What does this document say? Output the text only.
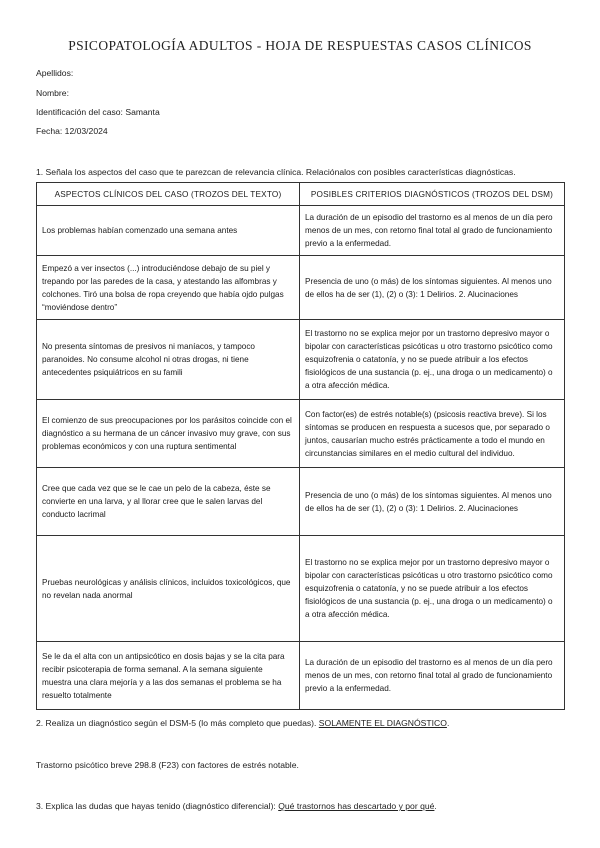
PSICOPATOLOGÍA ADULTOS - HOJA DE RESPUESTAS CASOS CLÍNICOS
Apellidos:
Nombre:
Identificación del caso: Samanta
Fecha: 12/03/2024
1. Señala los aspectos del caso que te parezcan de relevancia clínica. Relaciónalos con posibles características diagnósticas.
ASPECTOS CLÍNICOS DEL CASO (TROZOS DEL TEXTO)	POSIBLES CRITERIOS DIAGNÓSTICOS (TROZOS DEL DSM)
Los problemas habían comenzado una semana antes	La duración de un episodio del trastorno es al menos de un día pero menos de un mes, con retorno final total al grado de funcionamiento previo a la enfermedad.
Empezó a ver insectos (...) introduciéndose debajo de su piel y trepando por las paredes de la casa, y atestando las alfombras y colchones. Tiró una bolsa de ropa creyendo que había ojdo pulgas “moviéndose dentro”	Presencia de uno (o más) de los síntomas siguientes. Al menos uno de ellos ha de ser (1), (2) o (3): 1 Delirios. 2. Alucinaciones
No presenta síntomas de presivos ni maníacos, y tampoco paranoides. No consume alcohol ni otras drogas, ni tiene antecedentes psiquiátricos en su famili	El trastorno no se explica mejor por un trastorno depresivo mayor o bipolar con características psicóticas u otro trastorno psicótico como esquizofrenia o catatonía, y no se puede atribuir a los efectos fisiológicos de una sustancia (p. ej., una droga o un medicamento) o a otra afección médica.
El comienzo de sus preocupaciones por los parásitos coincide con el diagnóstico a su hermana de un cáncer invasivo muy grave, con sus problemas económicos y con una ruptura sentimental	Con factor(es) de estrés notable(s) (psicosis reactiva breve). Si los síntomas se producen en respuesta a sucesos que, por separado o juntos, causarían mucho estrés prácticamente a todo el mundo en circunstancias similares en el medio cultural del individuo.
Cree que cada vez que se le cae un pelo de la cabeza, éste se convierte en una larva, y al llorar cree que le salen larvas del conducto lacrimal	Presencia de uno (o más) de los síntomas siguientes. Al menos uno de ellos ha de ser (1), (2) o (3): 1 Delirios. 2. Alucinaciones
Pruebas neurológicas y análisis clínicos, incluidos toxicológicos, que no revelan nada anormal	El trastorno no se explica mejor por un trastorno depresivo mayor o bipolar con características psicóticas u otro trastorno psicótico como esquizofrenia o catatonía, y no se puede atribuir a los efectos fisiológicos de una sustancia (p. ej., una droga o un medicamento) o a otra afección médica.
Se le da el alta con un antipsicótico en dosis bajas y se la cita para recibir psicoterapia de forma semanal. A la semana siguiente muestra una clara mejoría y a las dos semanas el problema se ha resuelto totalmente	La duración de un episodio del trastorno es al menos de un día pero menos de un mes, con retorno final total al grado de funcionamiento previo a la enfermedad.
2. Realiza un diagnóstico según el DSM-5 (lo más completo que puedas). SOLAMENTE EL DIAGNÓSTICO.
Trastorno psicótico breve 298.8 (F23) con factores de estrés notable.
3. Explica las dudas que hayas tenido (diagnóstico diferencial): Qué trastornos has descartado y por qué.
